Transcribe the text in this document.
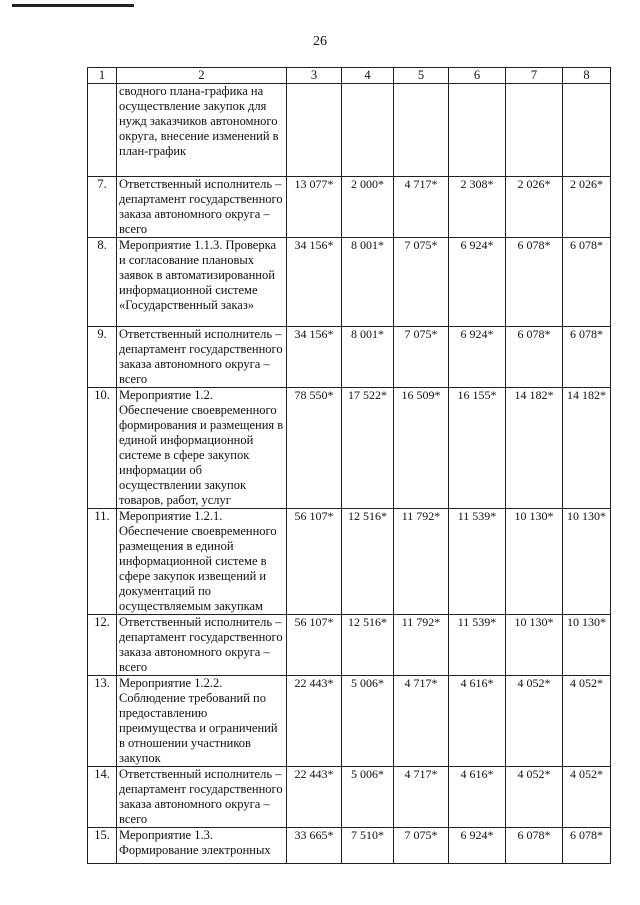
26
1	2	3	4	5	6	7	8
	сводного плана-графика на осуществление закупок для нужд заказчиков автономного округа, внесение изменений в план-график						
7.	Ответственный исполнитель – департамент государственного заказа автономного округа – всего	13 077*	2 000*	4 717*	2 308*	2 026*	2 026*
8.	Мероприятие 1.1.3. Проверка и согласование плановых заявок в автоматизированной информационной системе «Государственный заказ»	34 156*	8 001*	7 075*	6 924*	6 078*	6 078*
9.	Ответственный исполнитель – департамент государственного заказа автономного округа – всего	34 156*	8 001*	7 075*	6 924*	6 078*	6 078*
10.	Мероприятие 1.2. Обеспечение своевременного формирования и размещения в единой информационной системе в сфере закупок информации об осуществлении закупок товаров, работ, услуг	78 550*	17 522*	16 509*	16 155*	14 182*	14 182*
11.	Мероприятие 1.2.1. Обеспечение своевременного размещения в единой информационной системе в сфере закупок извещений и документаций по осуществляемым закупкам	56 107*	12 516*	11 792*	11 539*	10 130*	10 130*
12.	Ответственный исполнитель – департамент государственного заказа автономного округа – всего	56 107*	12 516*	11 792*	11 539*	10 130*	10 130*
13.	Мероприятие 1.2.2. Соблюдение требований по предоставлению преимущества и ограничений в отношении участников закупок	22 443*	5 006*	4 717*	4 616*	4 052*	4 052*
14.	Ответственный исполнитель – департамент государственного заказа автономного округа – всего	22 443*	5 006*	4 717*	4 616*	4 052*	4 052*
15.	Мероприятие 1.3. Формирование электронных	33 665*	7 510*	7 075*	6 924*	6 078*	6 078*
